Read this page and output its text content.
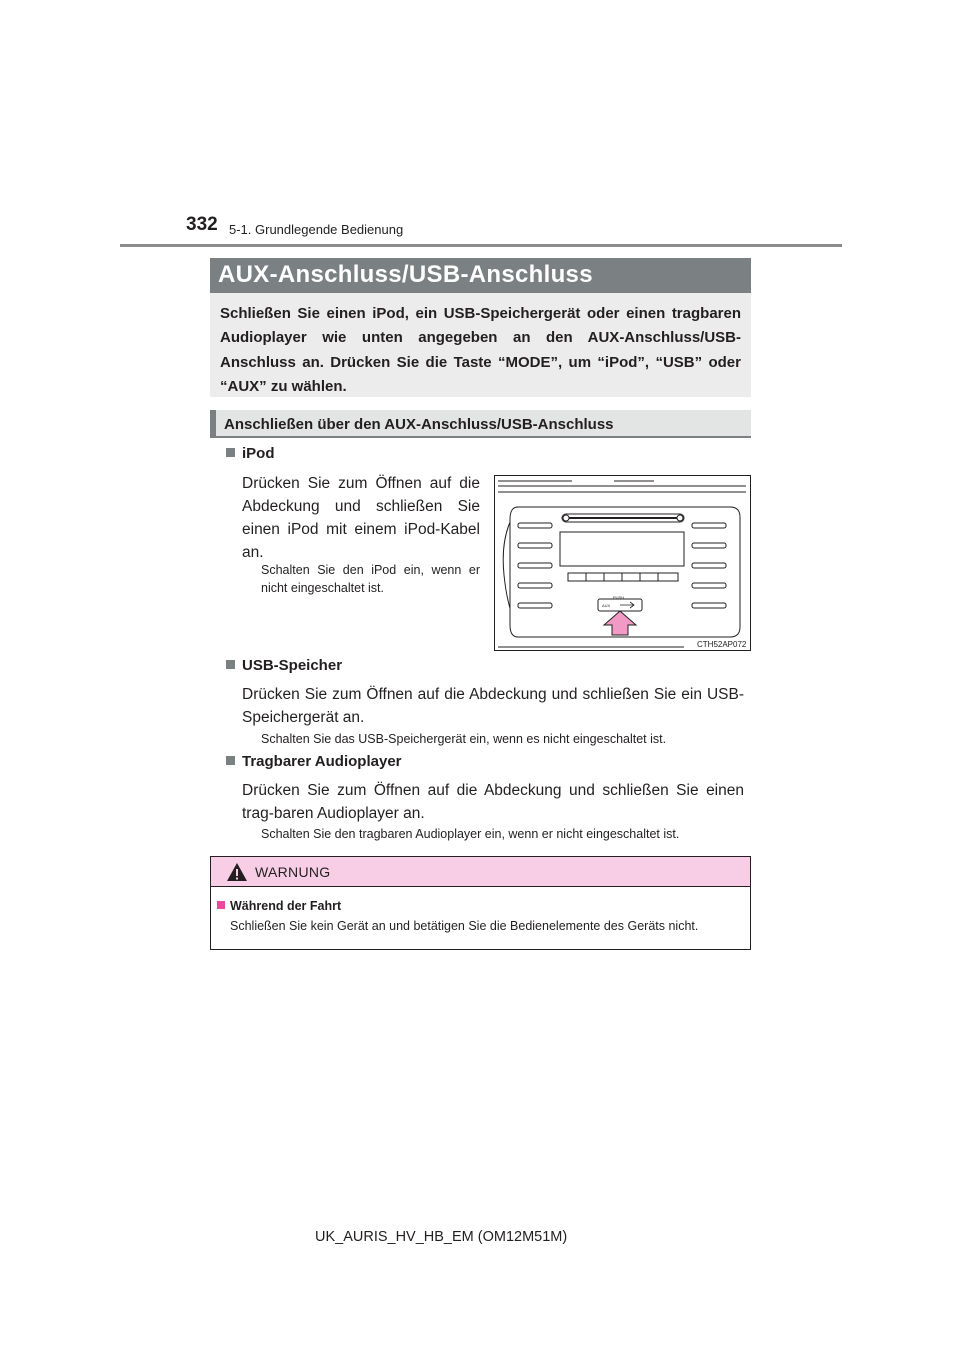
332 5-1. Grundlegende Bedienung
AUX-Anschluss/USB-Anschluss
Schließen Sie einen iPod, ein USB-Speichergerät oder einen tragbaren Audioplayer wie unten angegeben an den AUX-Anschluss/USB-Anschluss an. Drücken Sie die Taste “MODE”, um “iPod”, “USB” oder “AUX” zu wählen.
Anschließen über den AUX-Anschluss/USB-Anschluss
iPod
Drücken Sie zum Öffnen auf die
Abdeckung und schließen Sie
einen iPod mit einem iPod-Kabel
an.
Schalten Sie den iPod ein, wenn er
nicht eingeschaltet ist.
PUSH
AUX
CTH52AP072
USB-Speicher
Drücken Sie zum Öffnen auf die Abdeckung und schließen Sie ein USB-Speichergerät an.
Schalten Sie das USB-Speichergerät ein, wenn es nicht eingeschaltet ist.
Tragbarer Audioplayer
Drücken Sie zum Öffnen auf die Abdeckung und schließen Sie einen trag-baren Audioplayer an.
Schalten Sie den tragbaren Audioplayer ein, wenn er nicht eingeschaltet ist.
WARNUNG
Während der Fahrt
Schließen Sie kein Gerät an und betätigen Sie die Bedienelemente des Geräts nicht.
UK_AURIS_HV_HB_EM (OM12M51M)
